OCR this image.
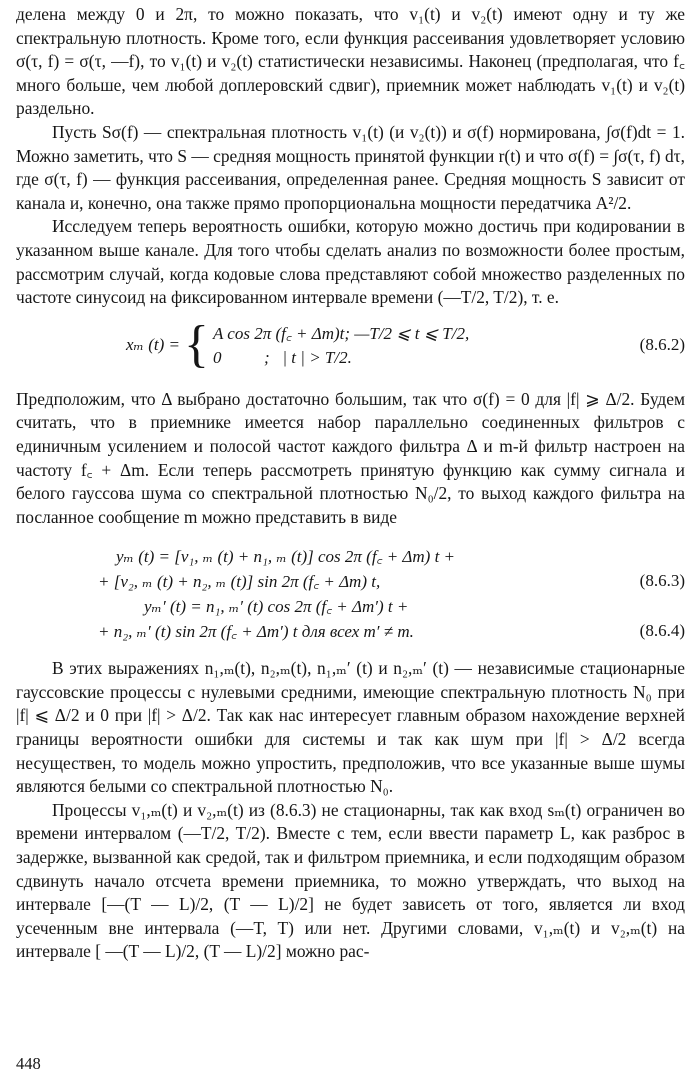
делена между 0 и 2π, то можно показать, что v₁(t) и v₂(t) имеют одну и ту же спектральную плотность. Кроме того, если функция рассеивания удовлетворяет условию σ(τ, f) = σ(τ, —f), то v₁(t) и v₂(t) статистически независимы. Наконец (предполагая, что f꜀ много больше, чем любой доплеровский сдвиг), приемник может наблюдать v₁(t) и v₂(t) раздельно.

Пусть Sσ(f) — спектральная плотность v₁(t) (и v₂(t)) и σ(f) нормирована, ∫σ(f)dt = 1. Можно заметить, что S — средняя мощность принятой функции r(t) и что σ(f) = ∫σ(τ, f) dτ, где σ(τ, f) — функция рассеивания, определенная ранее. Средняя мощность S зависит от канала и, конечно, она также прямо пропорциональна мощности передатчика A²/2.

Исследуем теперь вероятность ошибки, которую можно достичь при кодировании в указанном выше канале. Для того чтобы сделать анализ по возможности более простым, рассмотрим случай, когда кодовые слова представляют собой множество разделенных по частоте синусоид на фиксированном интервале времени (—T/2, T/2), т. е.

xₘ (t) = { A cos 2π (f꜀ + Δm)t; —T/2 ⩽ t ⩽ T/2,
0          ;   | t | > T/2.
(8.6.2)

Предположим, что Δ выбрано достаточно большим, так что σ(f) = 0 для |f| ⩾ Δ/2. Будем считать, что в приемнике имеется набор параллельно соединенных фильтров с единичным усилением и полосой частот каждого фильтра Δ и m-й фильтр настроен на частоту f꜀ + Δm. Если теперь рассмотреть принятую функцию как сумму сигнала и белого гауссова шума со спектральной плотностью N₀/2, то выход каждого фильтра на посланное сообщение m можно представить в виде

yₘ (t) = [v₁, ₘ (t) + n₁, ₘ (t)] cos 2π (f꜀ + Δm) t +
+ [v₂, ₘ (t) + n₂, ₘ (t)] sin 2π (f꜀ + Δm) t,	(8.6.3)
yₘ′ (t) = n₁, ₘ′ (t) cos 2π (f꜀ + Δm′) t +
+ n₂, ₘ′ (t) sin 2π (f꜀ + Δm′) t для всех m′ ≠ m.	(8.6.4)

В этих выражениях n₁,ₘ(t), n₂,ₘ(t), n₁,ₘ′ (t) и n₂,ₘ′ (t) — независимые стационарные гауссовские процессы с нулевыми средними, имеющие спектральную плотность N₀ при |f| ⩽ Δ/2 и 0 при |f| > Δ/2. Так как нас интересует главным образом нахождение верхней границы вероятности ошибки для системы и так как шум при |f| > Δ/2 всегда несуществен, то модель можно упростить, предположив, что все указанные выше шумы являются белыми со спектральной плотностью N₀.

Процессы v₁,ₘ(t) и v₂,ₘ(t) из (8.6.3) не стационарны, так как вход sₘ(t) ограничен во времени интервалом (—T/2, T/2). Вместе с тем, если ввести параметр L, как разброс в задержке, вызванной как средой, так и фильтром приемника, и если подходящим образом сдвинуть начало отсчета времени приемника, то можно утверждать, что выход на интервале [—(T — L)/2, (T — L)/2] не будет зависеть от того, является ли вход усеченным вне интервала (—T, T) или нет. Другими словами, v₁,ₘ(t) и v₂,ₘ(t) на интервале [ —(T — L)/2, (T — L)/2] можно рас-

448
